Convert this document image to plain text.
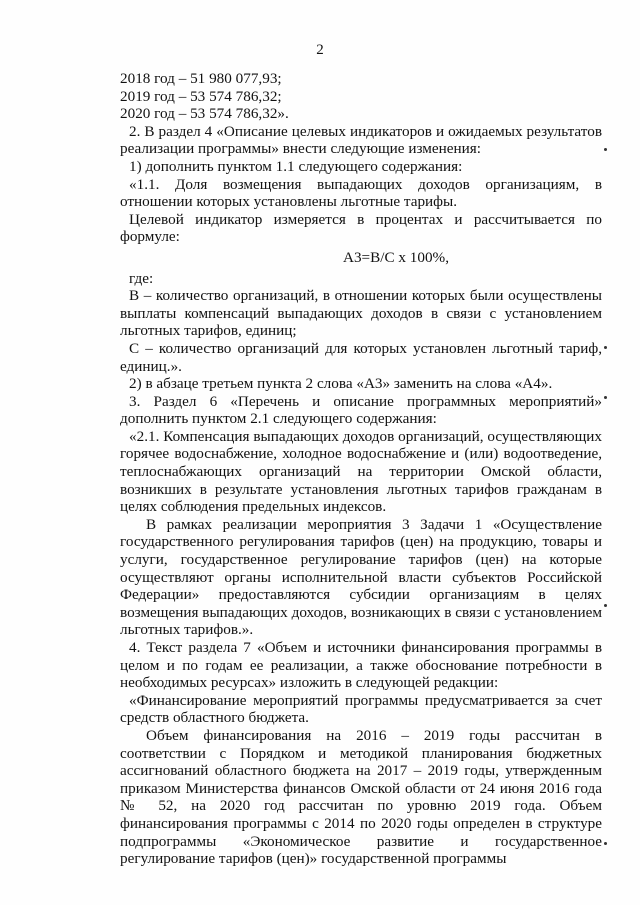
2

2018 год – 51 980 077,93;

2019 год – 53 574 786,32;

2020 год – 53 574 786,32».

2. В раздел 4 «Описание целевых индикаторов и ожидаемых результатов реализации программы» внести следующие изменения:

1) дополнить пунктом 1.1 следующего содержания:

«1.1. Доля возмещения выпадающих доходов организациям, в отношении которых установлены льготные тарифы.

Целевой индикатор измеряется в процентах и рассчитывается по формуле:

А3=В/С х 100%,

где:

В – количество организаций, в отношении которых были осуществлены выплаты компенсаций выпадающих доходов в связи с установлением льготных тарифов, единиц;

С – количество организаций для которых установлен льготный тариф, единиц.».

2) в абзаце третьем пункта 2 слова «А3» заменить на слова «А4».

3. Раздел 6 «Перечень и описание программных мероприятий» дополнить пунктом 2.1 следующего содержания:

«2.1. Компенсация выпадающих доходов организаций, осуществляющих горячее водоснабжение, холодное водоснабжение и (или) водоотведение, теплоснабжающих организаций на территории Омской области, возникших в результате установления льготных тарифов гражданам в целях соблюдения предельных индексов.

В рамках реализации мероприятия 3 Задачи 1 «Осуществление государственного регулирования тарифов (цен) на продукцию, товары и услуги, государственное регулирование тарифов (цен) на которые осуществляют органы исполнительной власти субъектов Российской Федерации» предоставляются субсидии организациям в целях возмещения выпадающих доходов, возникающих в связи с установлением льготных тарифов.».

4. Текст раздела 7 «Объем и источники финансирования программы в целом и по годам ее реализации, а также обоснование потребности в необходимых ресурсах» изложить в следующей редакции:

«Финансирование мероприятий программы предусматривается за счет средств областного бюджета.

Объем финансирования на 2016 – 2019 годы рассчитан в соответствии с Порядком и методикой планирования бюджетных ассигнований областного бюджета на 2017 – 2019 годы, утвержденным приказом Министерства финансов Омской области от 24 июня 2016 года № 52, на 2020 год рассчитан по уровню 2019 года. Объем финансирования программы с 2014 по 2020 годы определен в структуре подпрограммы «Экономическое развитие и государственное регулирование тарифов (цен)» государственной программы
